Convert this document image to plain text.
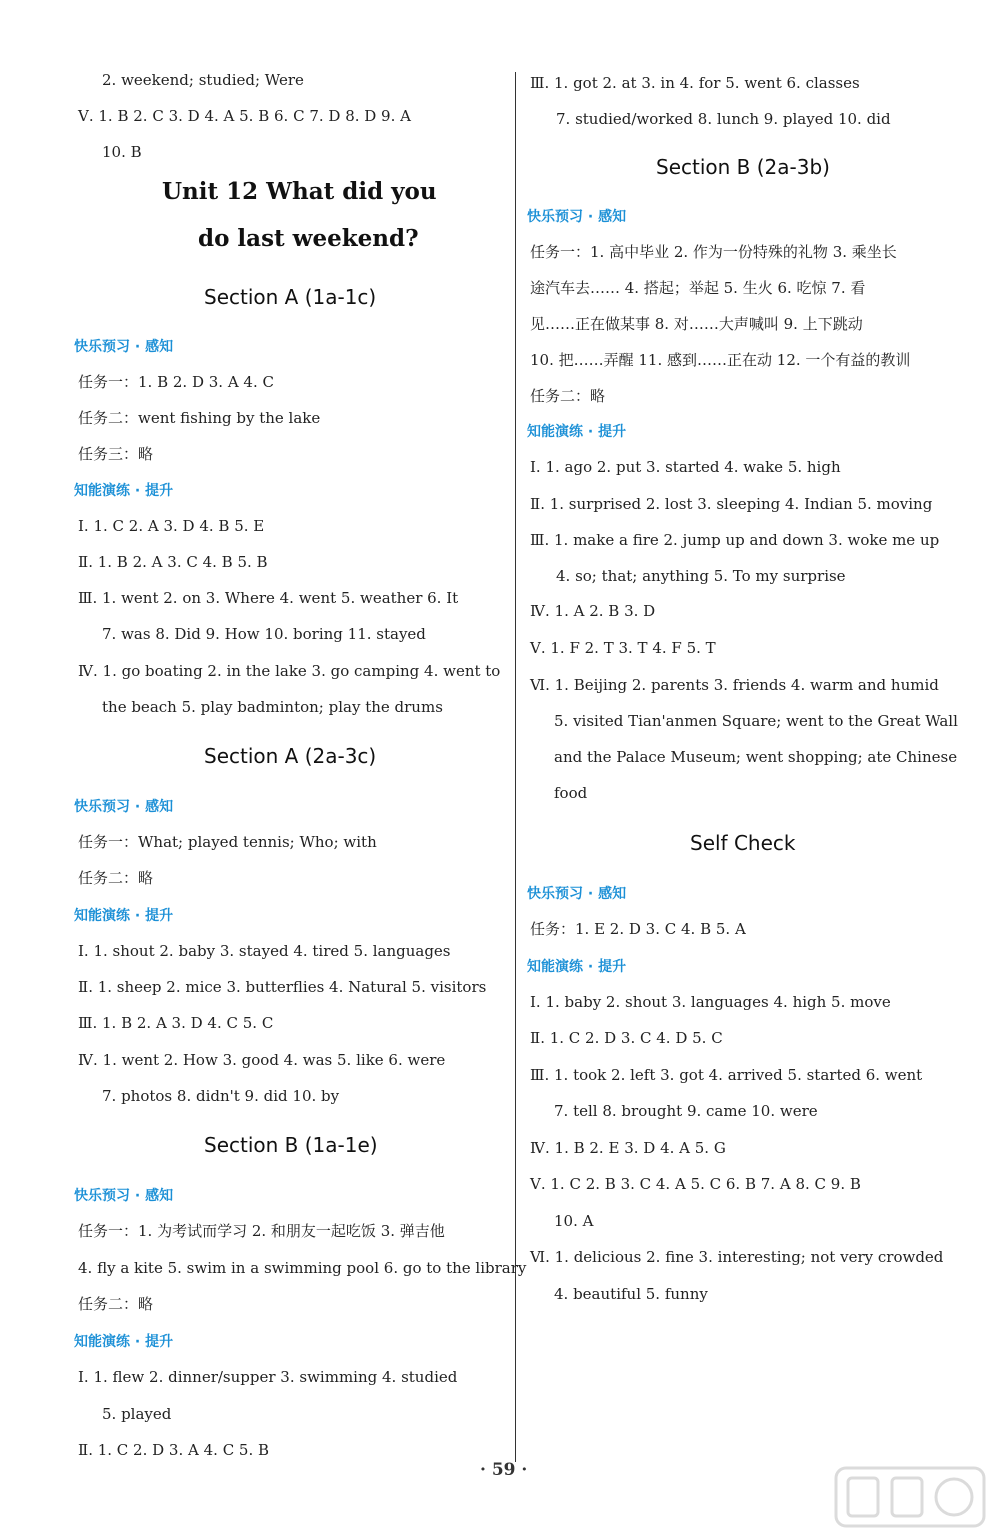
2. weekend; studied; Were
Ⅴ. 1. B 2. C 3. D 4. A 5. B 6. C 7. D 8. D 9. A
10. B
Unit 12 What did you
do last weekend?
Section A (1a-1c)
快乐预习 · 感知
任务一：1. B 2. D 3. A 4. C
任务二：went fishing by the lake
任务三：略
知能演练 · 提升
Ⅰ. 1. C 2. A 3. D 4. B 5. E
Ⅱ. 1. B 2. A 3. C 4. B 5. B
Ⅲ. 1. went 2. on 3. Where 4. went 5. weather 6. It
7. was 8. Did 9. How 10. boring 11. stayed
Ⅳ. 1. go boating 2. in the lake 3. go camping 4. went to
the beach 5. play badminton; play the drums
Section A (2a-3c)
快乐预习 · 感知
任务一：What; played tennis; Who; with
任务二：略
知能演练 · 提升
Ⅰ. 1. shout 2. baby 3. stayed 4. tired 5. languages
Ⅱ. 1. sheep 2. mice 3. butterflies 4. Natural 5. visitors
Ⅲ. 1. B 2. A 3. D 4. C 5. C
Ⅳ. 1. went 2. How 3. good 4. was 5. like 6. were
7. photos 8. didn't 9. did 10. by
Section B (1a-1e)
快乐预习 · 感知
任务一：1. 为考试而学习 2. 和朋友一起吃饭 3. 弹吉他
4. fly a kite 5. swim in a swimming pool 6. go to the library
任务二：略
知能演练 · 提升
Ⅰ. 1. flew 2. dinner/supper 3. swimming 4. studied
5. played
Ⅱ. 1. C 2. D 3. A 4. C 5. B
Ⅲ. 1. got 2. at 3. in 4. for 5. went 6. classes
7. studied/worked 8. lunch 9. played 10. did
Section B (2a-3b)
快乐预习 · 感知
任务一：1. 高中毕业 2. 作为一份特殊的礼物 3. 乘坐长
途汽车去…… 4. 搭起；举起 5. 生火 6. 吃惊 7. 看
见……正在做某事 8. 对……大声喊叫 9. 上下跳动
10. 把……弄醒 11. 感到……正在动 12. 一个有益的教训
任务二：略
知能演练 · 提升
Ⅰ. 1. ago 2. put 3. started 4. wake 5. high
Ⅱ. 1. surprised 2. lost 3. sleeping 4. Indian 5. moving
Ⅲ. 1. make a fire 2. jump up and down 3. woke me up
4. so; that; anything 5. To my surprise
Ⅳ. 1. A 2. B 3. D
Ⅴ. 1. F 2. T 3. T 4. F 5. T
Ⅵ. 1. Beijing 2. parents 3. friends 4. warm and humid
5. visited Tian'anmen Square; went to the Great Wall
and the Palace Museum; went shopping; ate Chinese
food
Self Check
快乐预习 · 感知
任务：1. E 2. D 3. C 4. B 5. A
知能演练 · 提升
Ⅰ. 1. baby 2. shout 3. languages 4. high 5. move
Ⅱ. 1. C 2. D 3. C 4. D 5. C
Ⅲ. 1. took 2. left 3. got 4. arrived 5. started 6. went
7. tell 8. brought 9. came 10. were
Ⅳ. 1. B 2. E 3. D 4. A 5. G
Ⅴ. 1. C 2. B 3. C 4. A 5. C 6. B 7. A 8. C 9. B
10. A
Ⅵ. 1. delicious 2. fine 3. interesting; not very crowded
4. beautiful 5. funny
· 59 ·
